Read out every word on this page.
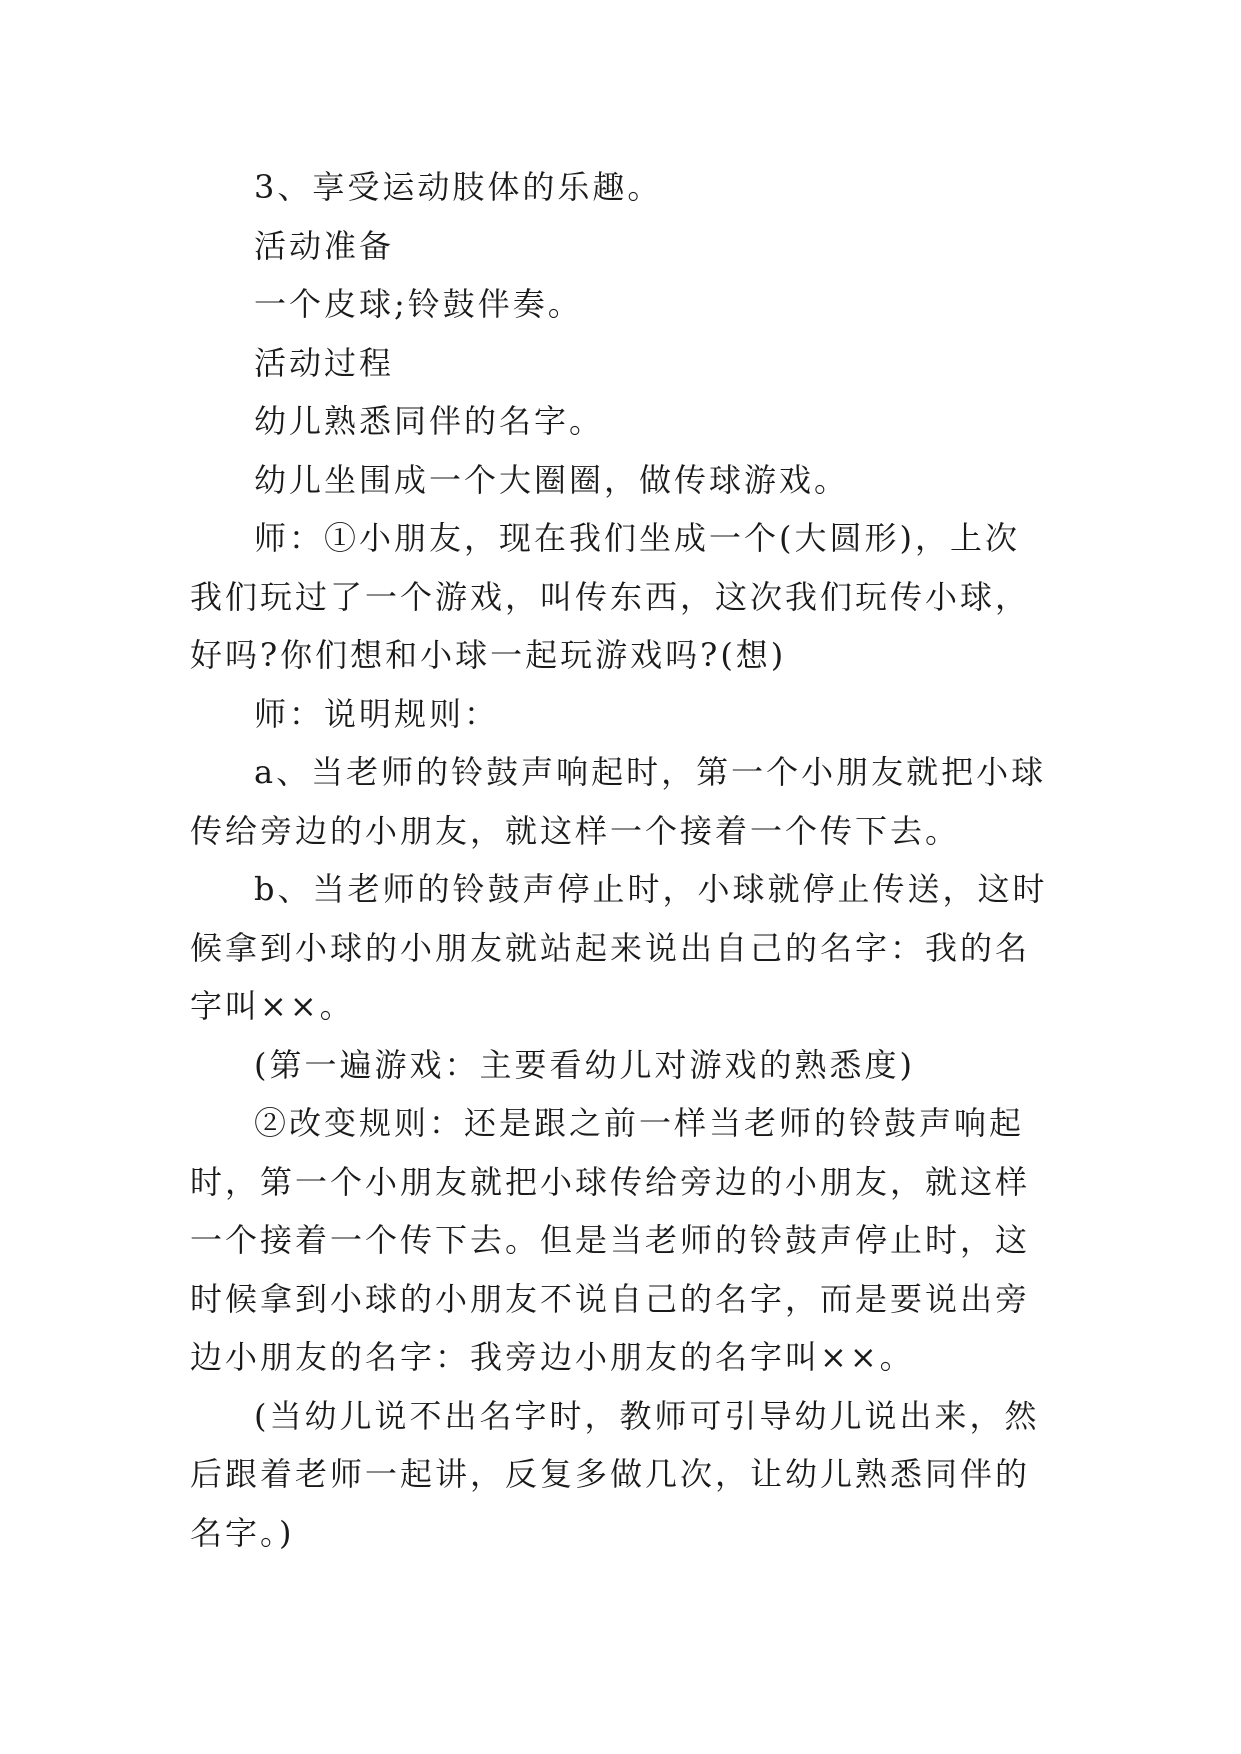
3、享受运动肢体的乐趣。

活动准备

一个皮球;铃鼓伴奏。

活动过程

幼儿熟悉同伴的名字。

幼儿坐围成一个大圈圈，做传球游戏。

师：①小朋友，现在我们坐成一个(大圆形)，上次我们玩过了一个游戏，叫传东西，这次我们玩传小球，好吗?你们想和小球一起玩游戏吗?(想)

师：说明规则：

a、当老师的铃鼓声响起时，第一个小朋友就把小球传给旁边的小朋友，就这样一个接着一个传下去。

b、当老师的铃鼓声停止时，小球就停止传送，这时候拿到小球的小朋友就站起来说出自己的名字：我的名字叫××。

(第一遍游戏：主要看幼儿对游戏的熟悉度)

②改变规则：还是跟之前一样当老师的铃鼓声响起时，第一个小朋友就把小球传给旁边的小朋友，就这样一个接着一个传下去。但是当老师的铃鼓声停止时，这时候拿到小球的小朋友不说自己的名字，而是要说出旁边小朋友的名字：我旁边小朋友的名字叫××。

(当幼儿说不出名字时，教师可引导幼儿说出来，然后跟着老师一起讲，反复多做几次，让幼儿熟悉同伴的名字。)
